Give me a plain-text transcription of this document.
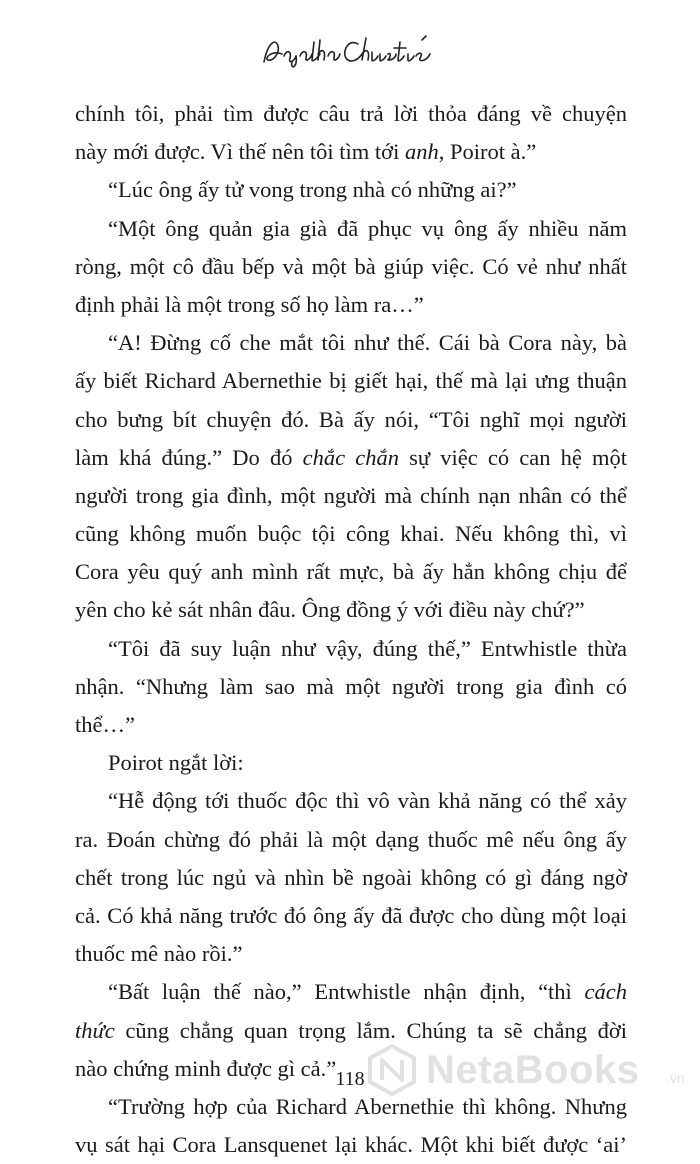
chính tôi, phải tìm được câu trả lời thỏa đáng về chuyện
này mới được. Vì thế nên tôi tìm tới anh, Poirot à.”
“Lúc ông ấy tử vong trong nhà có những ai?”
“Một ông quản gia già đã phục vụ ông ấy nhiều năm
ròng, một cô đầu bếp và một bà giúp việc. Có vẻ như nhất
định phải là một trong số họ làm ra…”
“A! Đừng cố che mắt tôi như thế. Cái bà Cora này, bà
ấy biết Richard Abernethie bị giết hại, thế mà lại ưng thuận
cho bưng bít chuyện đó. Bà ấy nói, “Tôi nghĩ mọi người
làm khá đúng.” Do đó chắc chắn sự việc có can hệ một
người trong gia đình, một người mà chính nạn nhân có thể
cũng không muốn buộc tội công khai. Nếu không thì, vì
Cora yêu quý anh mình rất mực, bà ấy hẳn không chịu để
yên cho kẻ sát nhân đâu. Ông đồng ý với điều này chứ?”
“Tôi đã suy luận như vậy, đúng thế,” Entwhistle thừa
nhận. “Nhưng làm sao mà một người trong gia đình có
thể…”
Poirot ngắt lời:
“Hễ động tới thuốc độc thì vô vàn khả năng có thể xảy
ra. Đoán chừng đó phải là một dạng thuốc mê nếu ông ấy
chết trong lúc ngủ và nhìn bề ngoài không có gì đáng ngờ
cả. Có khả năng trước đó ông ấy đã được cho dùng một loại
thuốc mê nào rồi.”
“Bất luận thế nào,” Entwhistle nhận định, “thì cách
thức cũng chẳng quan trọng lắm. Chúng ta sẽ chẳng đời
nào chứng minh được gì cả.”
“Trường hợp của Richard Abernethie thì không. Nhưng
vụ sát hại Cora Lansquenet lại khác. Một khi biết được ‘ai’
118	NetaBooks .vn
